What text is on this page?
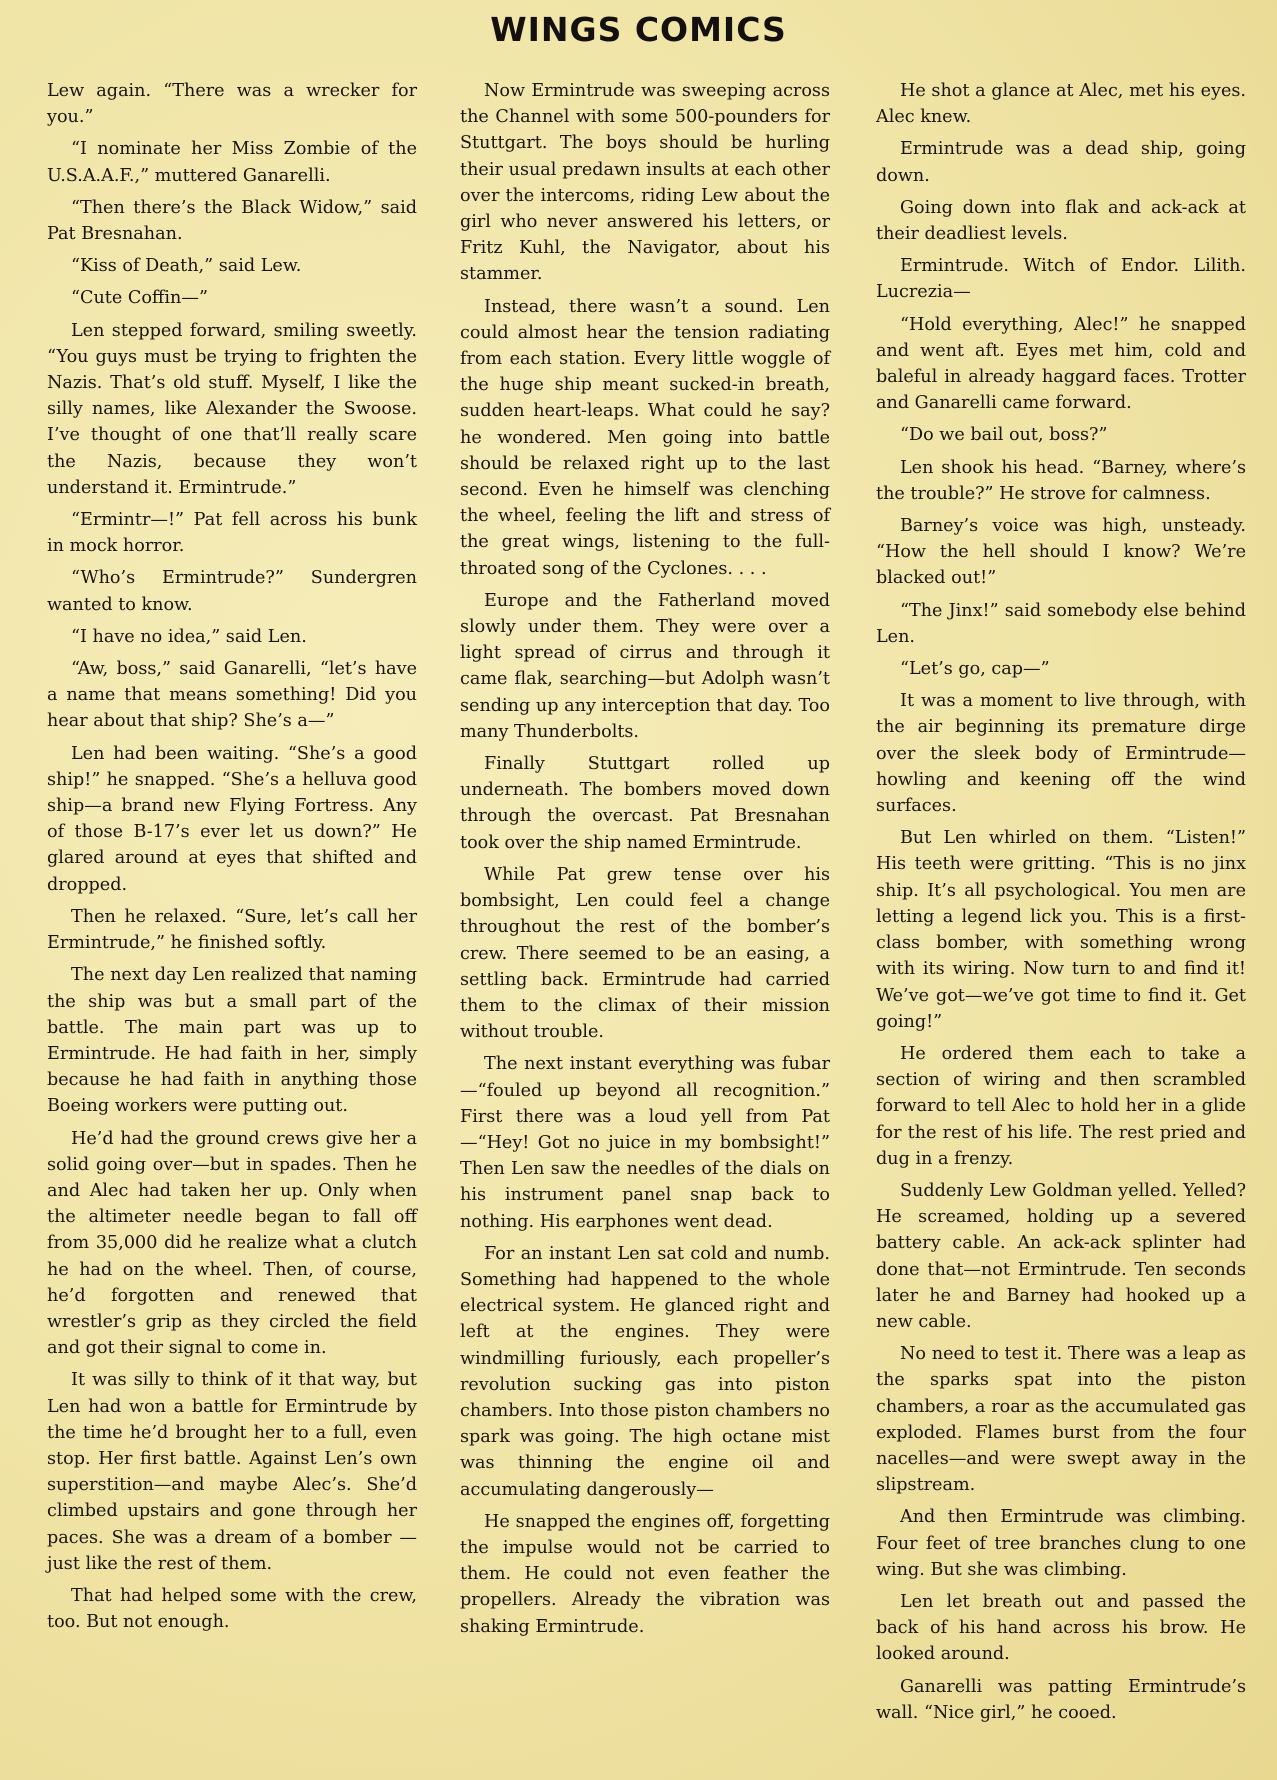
WINGS COMICS

Lew again. “There was a wrecker for you.”

“I nominate her Miss Zombie of the U.S.A.A.F.,” muttered Ganarelli.

“Then there’s the Black Widow,” said Pat Bresnahan.

“Kiss of Death,” said Lew.

“Cute Coffin—”

Len stepped forward, smiling sweetly. “You guys must be trying to frighten the Nazis. That’s old stuff. Myself, I like the silly names, like Alexander the Swoose. I’ve thought of one that’ll really scare the Nazis, because they won’t understand it. Ermintrude.”

“Ermintr—!” Pat fell across his bunk in mock horror.

“Who’s Ermintrude?” Sundergren wanted to know.

“I have no idea,” said Len.

“Aw, boss,” said Ganarelli, “let’s have a name that means something! Did you hear about that ship? She’s a—”

Len had been waiting. “She’s a good ship!” he snapped. “She’s a helluva good ship—a brand new Flying Fortress. Any of those B-17’s ever let us down?” He glared around at eyes that shifted and dropped.

Then he relaxed. “Sure, let’s call her Ermintrude,” he finished softly.

The next day Len realized that naming the ship was but a small part of the battle. The main part was up to Ermintrude. He had faith in her, simply because he had faith in anything those Boeing workers were putting out.

He’d had the ground crews give her a solid going over—but in spades. Then he and Alec had taken her up. Only when the altimeter needle began to fall off from 35,000 did he realize what a clutch he had on the wheel. Then, of course, he’d forgotten and renewed that wrestler’s grip as they circled the field and got their signal to come in.

It was silly to think of it that way, but Len had won a battle for Ermintrude by the time he’d brought her to a full, even stop. Her first battle. Against Len’s own superstition—and maybe Alec’s. She’d climbed upstairs and gone through her paces. She was a dream of a bomber —just like the rest of them.

That had helped some with the crew, too. But not enough.

Now Ermintrude was sweeping across the Channel with some 500-pounders for Stuttgart. The boys should be hurling their usual predawn insults at each other over the intercoms, riding Lew about the girl who never answered his letters, or Fritz Kuhl, the Navigator, about his stammer.

Instead, there wasn’t a sound. Len could almost hear the tension radiating from each station. Every little woggle of the huge ship meant sucked-in breath, sudden heart-leaps. What could he say? he wondered. Men going into battle should be relaxed right up to the last second. Even he himself was clenching the wheel, feeling the lift and stress of the great wings, listening to the full-throated song of the Cyclones. . . .

Europe and the Fatherland moved slowly under them. They were over a light spread of cirrus and through it came flak, searching—but Adolph wasn’t sending up any interception that day. Too many Thunderbolts.

Finally Stuttgart rolled up underneath. The bombers moved down through the overcast. Pat Bresnahan took over the ship named Ermintrude.

While Pat grew tense over his bombsight, Len could feel a change throughout the rest of the bomber’s crew. There seemed to be an easing, a settling back. Ermintrude had carried them to the climax of their mission without trouble.

The next instant everything was fubar—“fouled up beyond all recognition.” First there was a loud yell from Pat—“Hey! Got no juice in my bombsight!” Then Len saw the needles of the dials on his instrument panel snap back to nothing. His earphones went dead.

For an instant Len sat cold and numb. Something had happened to the whole electrical system. He glanced right and left at the engines. They were windmilling furiously, each propeller’s revolution sucking gas into piston chambers. Into those piston chambers no spark was going. The high octane mist was thinning the engine oil and accumulating dangerously—

He snapped the engines off, forgetting the impulse would not be carried to them. He could not even feather the propellers. Already the vibration was shaking Ermintrude.

He shot a glance at Alec, met his eyes. Alec knew.

Ermintrude was a dead ship, going down.

Going down into flak and ack-ack at their deadliest levels.

Ermintrude. Witch of Endor. Lilith. Lucrezia—

“Hold everything, Alec!” he snapped and went aft. Eyes met him, cold and baleful in already haggard faces. Trotter and Ganarelli came forward.

“Do we bail out, boss?”

Len shook his head. “Barney, where’s the trouble?” He strove for calmness.

Barney’s voice was high, unsteady. “How the hell should I know? We’re blacked out!”

“The Jinx!” said somebody else behind Len.

“Let’s go, cap—”

It was a moment to live through, with the air beginning its premature dirge over the sleek body of Ermintrude—howling and keening off the wind surfaces.

But Len whirled on them. “Listen!” His teeth were gritting. “This is no jinx ship. It’s all psychological. You men are letting a legend lick you. This is a first-class bomber, with something wrong with its wiring. Now turn to and find it! We’ve got—we’ve got time to find it. Get going!”

He ordered them each to take a section of wiring and then scrambled forward to tell Alec to hold her in a glide for the rest of his life. The rest pried and dug in a frenzy.

Suddenly Lew Goldman yelled. Yelled? He screamed, holding up a severed battery cable. An ack-ack splinter had done that—not Ermintrude. Ten seconds later he and Barney had hooked up a new cable.

No need to test it. There was a leap as the sparks spat into the piston chambers, a roar as the accumulated gas exploded. Flames burst from the four nacelles—and were swept away in the slipstream.

And then Ermintrude was climbing. Four feet of tree branches clung to one wing. But she was climbing.

Len let breath out and passed the back of his hand across his brow. He looked around.

Ganarelli was patting Ermintrude’s wall. “Nice girl,” he cooed.
